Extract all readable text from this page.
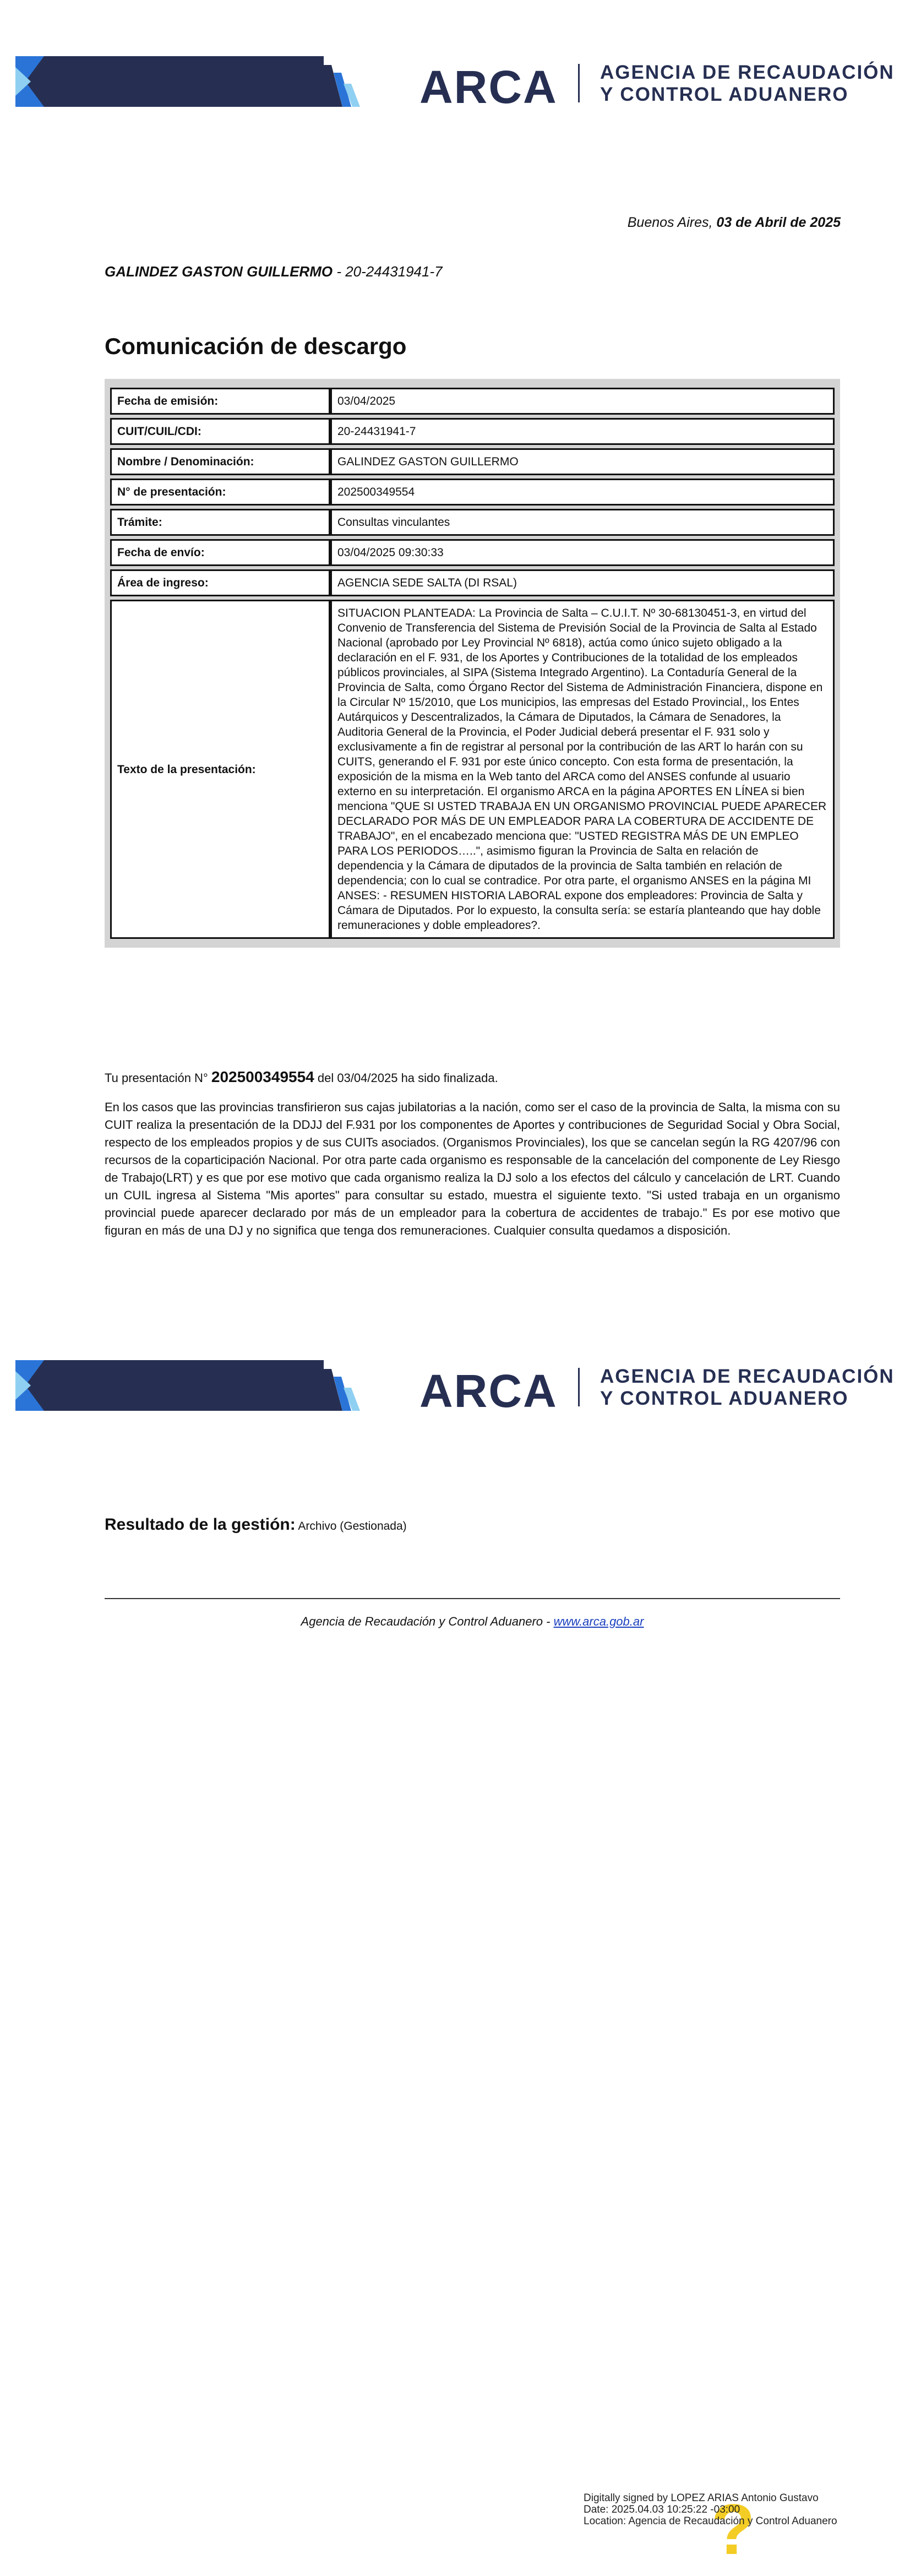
ARCA AGENCIA DE RECAUDACIÓN
Y CONTROL ADUANERO
Buenos Aires, 03 de Abril de 2025
GALINDEZ GASTON GUILLERMO - 20-24431941-7
Comunicación de descargo
Fecha de emisión:	03/04/2025
CUIT/CUIL/CDI:	20-24431941-7
Nombre / Denominación:	GALINDEZ GASTON GUILLERMO
N° de presentación:	202500349554
Trámite:	Consultas vinculantes
Fecha de envío:	03/04/2025 09:30:33
Área de ingreso:	AGENCIA SEDE SALTA (DI RSAL)
Texto de la presentación:	SITUACION PLANTEADA: La Provincia de Salta – C.U.I.T. Nº 30-68130451-3, en virtud del Convenio de Transferencia del Sistema de Previsión Social de la Provincia de Salta al Estado Nacional (aprobado por Ley Provincial Nº 6818), actúa como único sujeto obligado a la declaración en el F. 931, de los Aportes y Contribuciones de la totalidad de los empleados públicos provinciales, al SIPA (Sistema Integrado Argentino). La Contaduría General de la Provincia de Salta, como Órgano Rector del Sistema de Administración Financiera, dispone en la Circular Nº 15/2010, que Los municipios, las empresas del Estado Provincial,, los Entes Autárquicos y Descentralizados, la Cámara de Diputados, la Cámara de Senadores, la Auditoria General de la Provincia, el Poder Judicial deberá presentar el F. 931 solo y exclusivamente a fin de registrar al personal por la contribución de las ART lo harán con su CUITS, generando el F. 931 por este único concepto. Con esta forma de presentación, la exposición de la misma en la Web tanto del ARCA como del ANSES confunde al usuario externo en su interpretación. El organismo ARCA en la página APORTES EN LÍNEA si bien menciona "QUE SI USTED TRABAJA EN UN ORGANISMO PROVINCIAL PUEDE APARECER DECLARADO POR MÁS DE UN EMPLEADOR PARA LA COBERTURA DE ACCIDENTE DE TRABAJO", en el encabezado menciona que: "USTED REGISTRA MÁS DE UN EMPLEO PARA LOS PERIODOS…..", asimismo figuran la Provincia de Salta en relación de dependencia y la Cámara de diputados de la provincia de Salta también en relación de dependencia; con lo cual se contradice. Por otra parte, el organismo ANSES en la página MI ANSES: - RESUMEN HISTORIA LABORAL expone dos empleadores: Provincia de Salta y Cámara de Diputados. Por lo expuesto, la consulta sería: se estaría planteando que hay doble remuneraciones y doble empleadores?.
Tu presentación N° 202500349554 del 03/04/2025 ha sido finalizada.
En los casos que las provincias transfirieron sus cajas jubilatorias a la nación, como ser el caso de la provincia de Salta, la misma con su CUIT realiza la presentación de la DDJJ del F.931 por los componentes de Aportes y contribuciones de Seguridad Social y Obra Social, respecto de los empleados propios y de sus CUITs asociados. (Organismos Provinciales), los que se cancelan según la RG 4207/96 con recursos de la coparticipación Nacional. Por otra parte cada organismo es responsable de la cancelación del componente de Ley Riesgo de Trabajo(LRT) y es que por ese motivo que cada organismo realiza la DJ solo a los efectos del cálculo y cancelación de LRT. Cuando un CUIL ingresa al Sistema "Mis aportes" para consultar su estado, muestra el siguiente texto. "Si usted trabaja en un organismo provincial puede aparecer declarado por más de un empleador para la cobertura de accidentes de trabajo." Es por ese motivo que figuran en más de una DJ y no significa que tenga dos remuneraciones. Cualquier consulta quedamos a disposición.
ARCA AGENCIA DE RECAUDACIÓN
Y CONTROL ADUANERO
Resultado de la gestión: Archivo (Gestionada)
Agencia de Recaudación y Control Aduanero - www.arca.gob.ar
?
Digitally signed by LOPEZ ARIAS Antonio Gustavo
Date: 2025.04.03 10:25:22 -03:00
Location: Agencia de Recaudación y Control Aduanero
